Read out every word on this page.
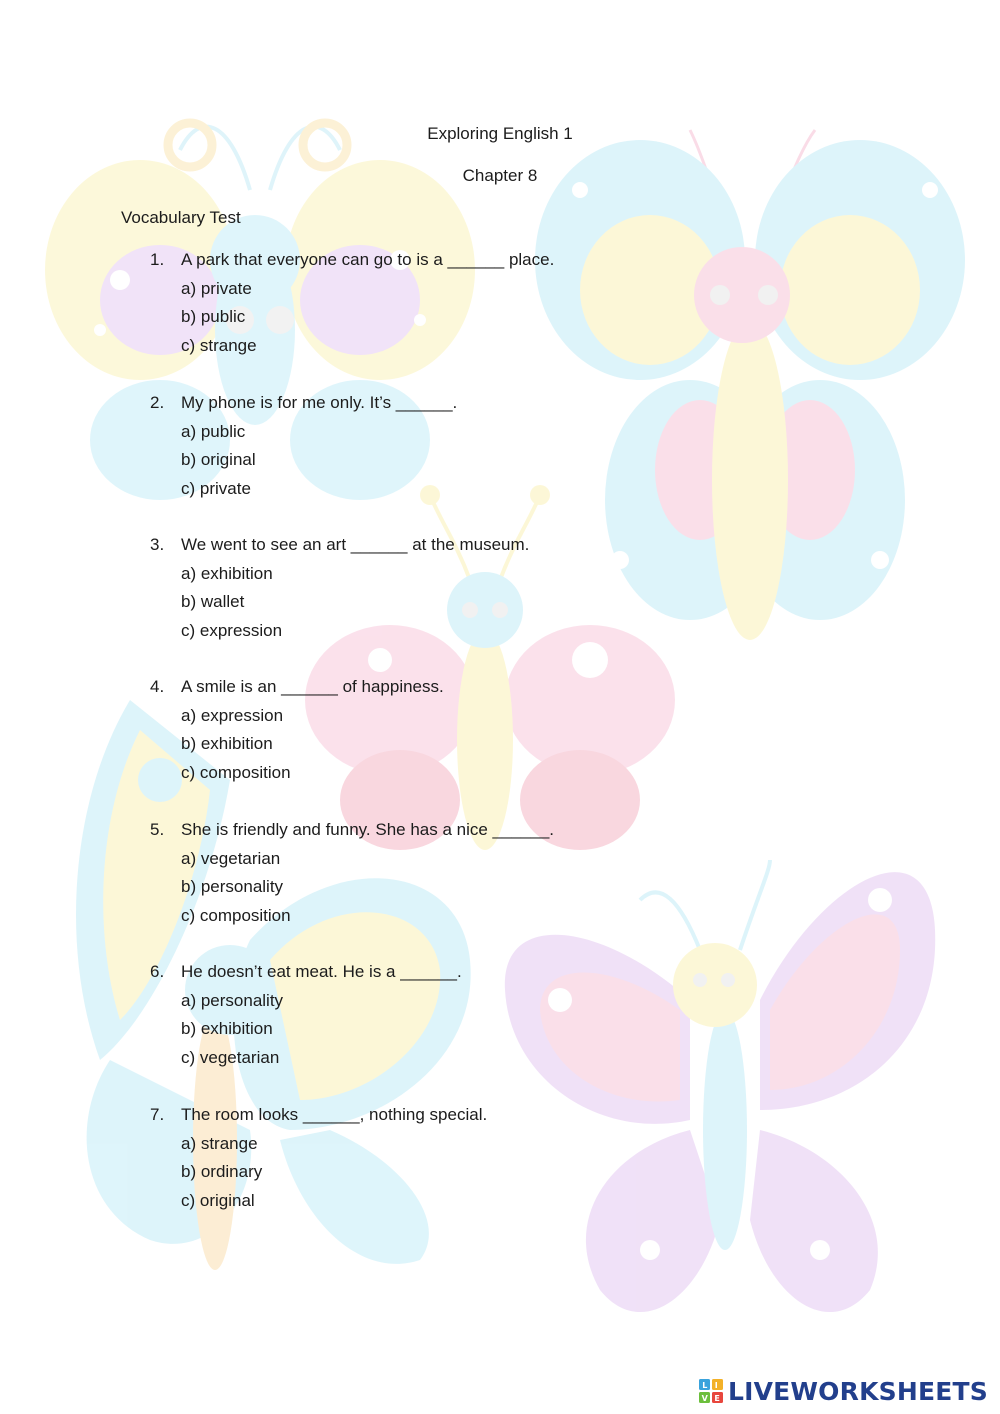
Exploring English 1
Chapter 8
Vocabulary Test
1. A park that everyone can go to is a ______ place.
a) private
b) public
c) strange
2. My phone is for me only. It’s ______.
a) public
b) original
c) private
3. We went to see an art ______ at the museum.
a) exhibition
b) wallet
c) expression
4. A smile is an ______ of happiness.
a) expression
b) exhibition
c) composition
5. She is friendly and funny. She has a nice ______.
a) vegetarian
b) personality
c) composition
6. He doesn’t eat meat. He is a ______.
a) personality
b) exhibition
c) vegetarian
7. The room looks ______, nothing special.
a) strange
b) ordinary
c) original
L I
V E LIVEWORKSHEETS
